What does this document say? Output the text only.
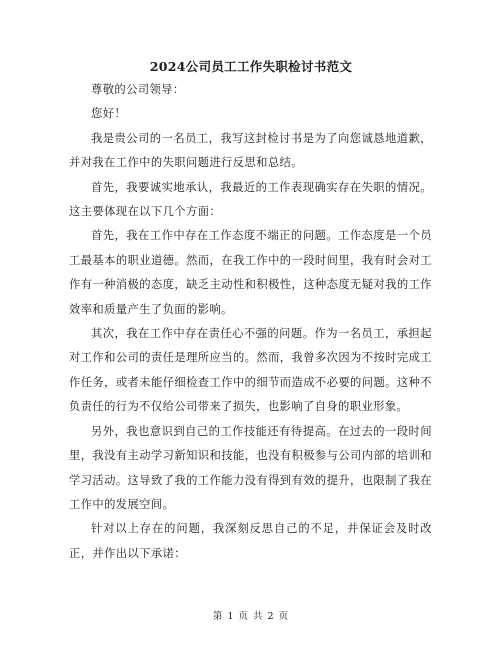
2024公司员工工作失职检讨书范文

尊敬的公司领导：

您好！

我是贵公司的一名员工，我写这封检讨书是为了向您诚恳地道歉，并对我在工作中的失职问题进行反思和总结。

首先，我要诚实地承认，我最近的工作表现确实存在失职的情况。这主要体现在以下几个方面：

首先，我在工作中存在工作态度不端正的问题。工作态度是一个员工最基本的职业道德。然而，在我工作中的一段时间里，我有时会对工作有一种消极的态度，缺乏主动性和积极性，这种态度无疑对我的工作效率和质量产生了负面的影响。

其次，我在工作中存在责任心不强的问题。作为一名员工，承担起对工作和公司的责任是理所应当的。然而，我曾多次因为不按时完成工作任务，或者未能仔细检查工作中的细节而造成不必要的问题。这种不负责任的行为不仅给公司带来了损失，也影响了自身的职业形象。

另外，我也意识到自己的工作技能还有待提高。在过去的一段时间里，我没有主动学习新知识和技能，也没有积极参与公司内部的培训和学习活动。这导致了我的工作能力没有得到有效的提升，也限制了我在工作中的发展空间。

针对以上存在的问题，我深刻反思自己的不足，并保证会及时改正，并作出以下承诺：

第 1 页 共 2 页
